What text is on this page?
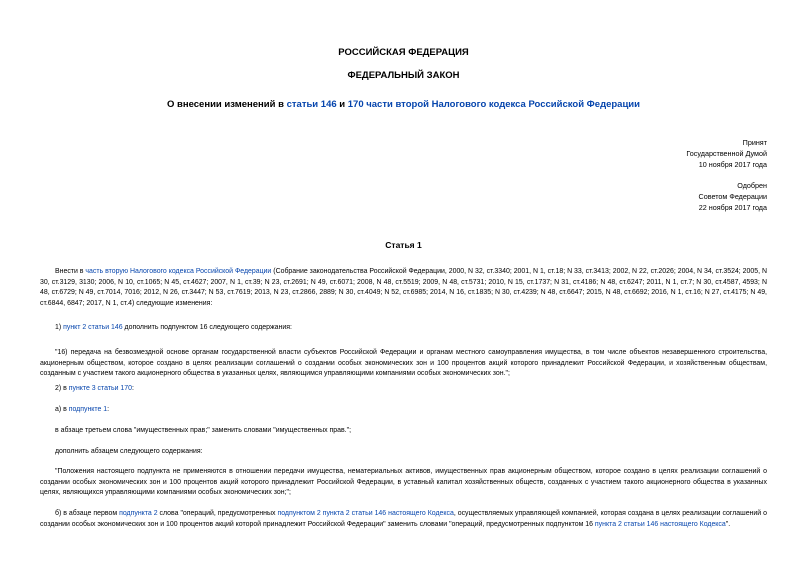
РОССИЙСКАЯ ФЕДЕРАЦИЯ
ФЕДЕРАЛЬНЫЙ ЗАКОН
О внесении изменений в статьи 146 и 170 части второй Налогового кодекса Российской Федерации
Принят
Государственной Думой
10 ноября 2017 года
Одобрен
Советом Федерации
22 ноября 2017 года
Статья 1
Внести в часть вторую Налогового кодекса Российской Федерации (Собрание законодательства Российской Федерации, 2000, N 32, ст.3340; 2001, N 1, ст.18; N 33, ст.3413; 2002, N 22, ст.2026; 2004, N 34, ст.3524; 2005, N 30, ст.3129, 3130; 2006, N 10, ст.1065; N 45, ст.4627; 2007, N 1, ст.39; N 23, ст.2691; N 49, ст.6071; 2008, N 48, ст.5519; 2009, N 48, ст.5731; 2010, N 15, ст.1737; N 31, ст.4186; N 48, ст.6247; 2011, N 1, ст.7; N 30, ст.4587, 4593; N 48, ст.6729; N 49, ст.7014, 7016; 2012, N 26, ст.3447; N 53, ст.7619; 2013, N 23, ст.2866, 2889; N 30, ст.4049; N 52, ст.6985; 2014, N 16, ст.1835; N 30, ст.4239; N 48, ст.6647; 2015, N 48, ст.6692; 2016, N 1, ст.16; N 27, ст.4175; N 49, ст.6844, 6847; 2017, N 1, ст.4) следующие изменения:
1) пункт 2 статьи 146 дополнить подпунктом 16 следующего содержания:
"16) передача на безвозмездной основе органам государственной власти субъектов Российской Федерации и органам местного самоуправления имущества, в том числе объектов незавершенного строительства, акционерным обществом, которое создано в целях реализации соглашений о создании особых экономических зон и 100 процентов акций которого принадлежит Российской Федерации, и хозяйственным обществам, созданным с участием такого акционерного общества в указанных целях, являющимся управляющими компаниями особых экономических зон.";
2) в пункте 3 статьи 170:
а) в подпункте 1:
в абзаце третьем слова "имущественных прав;" заменить словами "имущественных прав.";
дополнить абзацем следующего содержания:
"Положения настоящего подпункта не применяются в отношении передачи имущества, нематериальных активов, имущественных прав акционерным обществом, которое создано в целях реализации соглашений о создании особых экономических зон и 100 процентов акций которого принадлежит Российской Федерации, в уставный капитал хозяйственных обществ, созданных с участием такого акционерного общества в указанных целях, являющихся управляющими компаниями особых экономических зон;";
б) в абзаце первом подпункта 2 слова "операций, предусмотренных подпунктом 2 пункта 2 статьи 146 настоящего Кодекса, осуществляемых управляющей компанией, которая создана в целях реализации соглашений о создании особых экономических зон и 100 процентов акций которой принадлежит Российской Федерации" заменить словами "операций, предусмотренных подпунктом 16 пункта 2 статьи 146 настоящего Кодекса".
